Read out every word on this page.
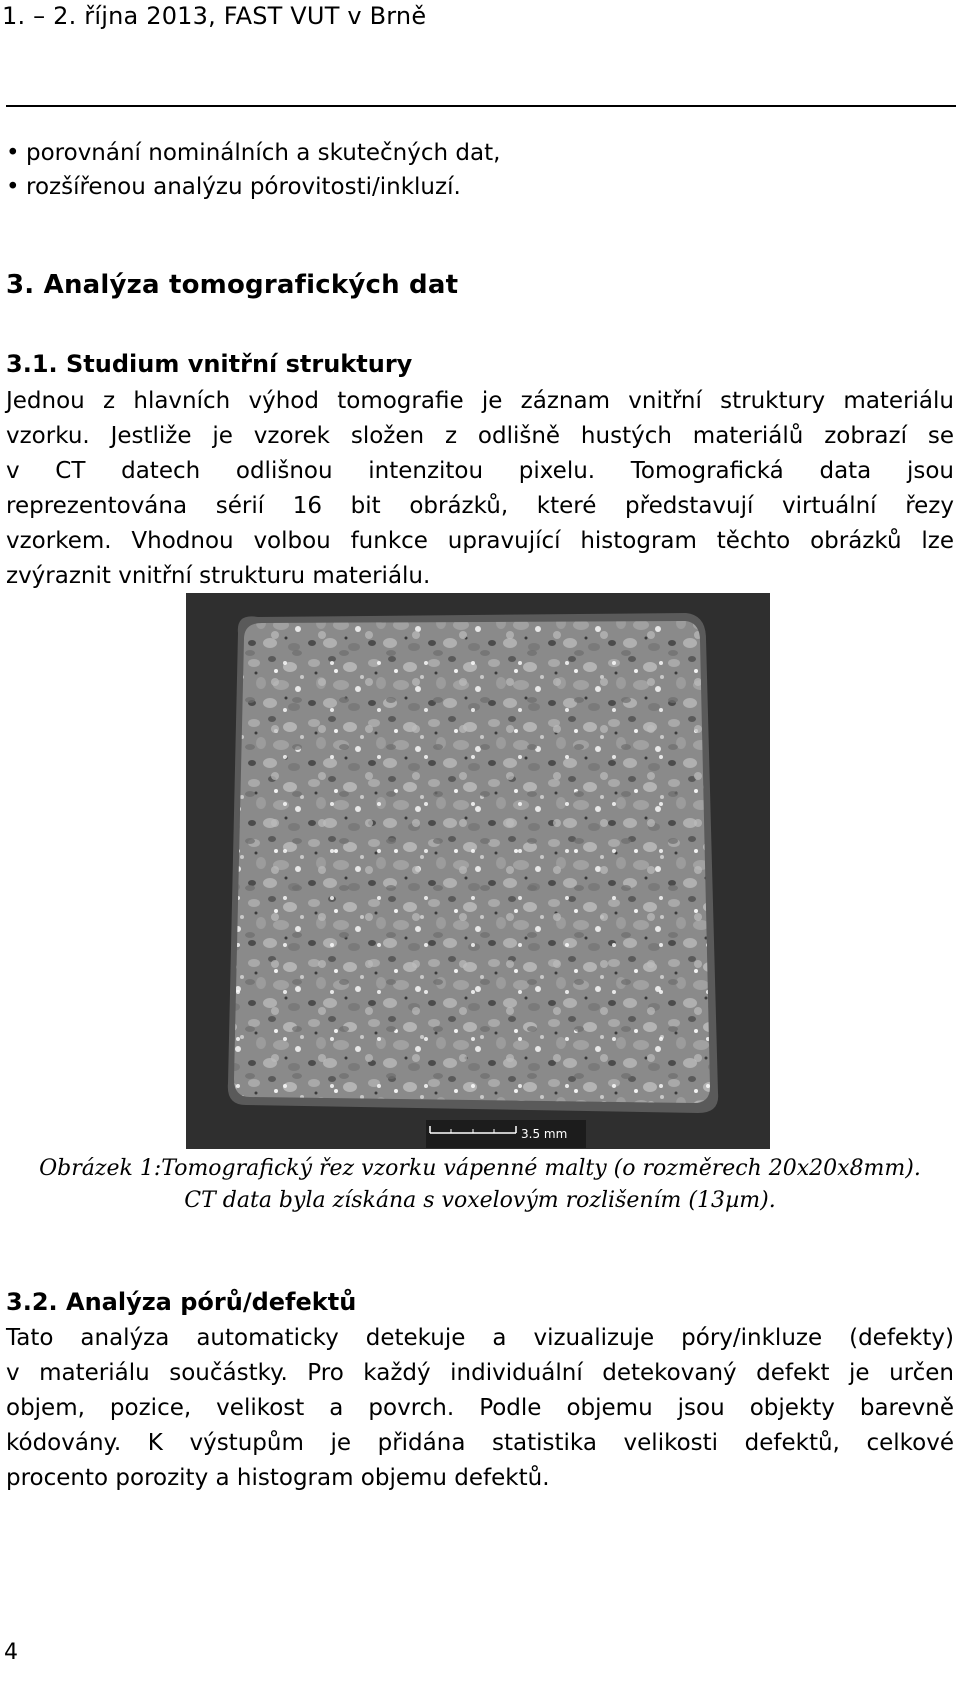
1. – 2. října 2013, FAST VUT v Brně
• porovnání nominálních a skutečných dat,
• rozšířenou analýzu pórovitosti/inkluzí.
3. Analýza tomografických dat
3.1. Studium vnitřní struktury
Jednou z hlavních výhod tomografie je záznam vnitřní struktury materiálu
vzorku. Jestliže je vzorek složen z odlišně hustých materiálů zobrazí se
v CT datech odlišnou intenzitou pixelu. Tomografická data jsou
reprezentována sérií 16 bit obrázků, které představují virtuální řezy
vzorkem. Vhodnou volbou funkce upravující histogram těchto obrázků lze
zvýraznit vnitřní strukturu materiálu.
3.5 mm
Obrázek 1:Tomografický řez vzorku vápenné malty (o rozměrech 20x20x8mm).
CT data byla získána s voxelovým rozlišením (13µm).
3.2. Analýza pórů/defektů
Tato analýza automaticky detekuje a vizualizuje póry/inkluze (defekty)
v materiálu součástky. Pro každý individuální detekovaný defekt je určen
objem, pozice, velikost a povrch. Podle objemu jsou objekty barevně
kódovány. K výstupům je přidána statistika velikosti defektů, celkové
procento porozity a histogram objemu defektů.
4
